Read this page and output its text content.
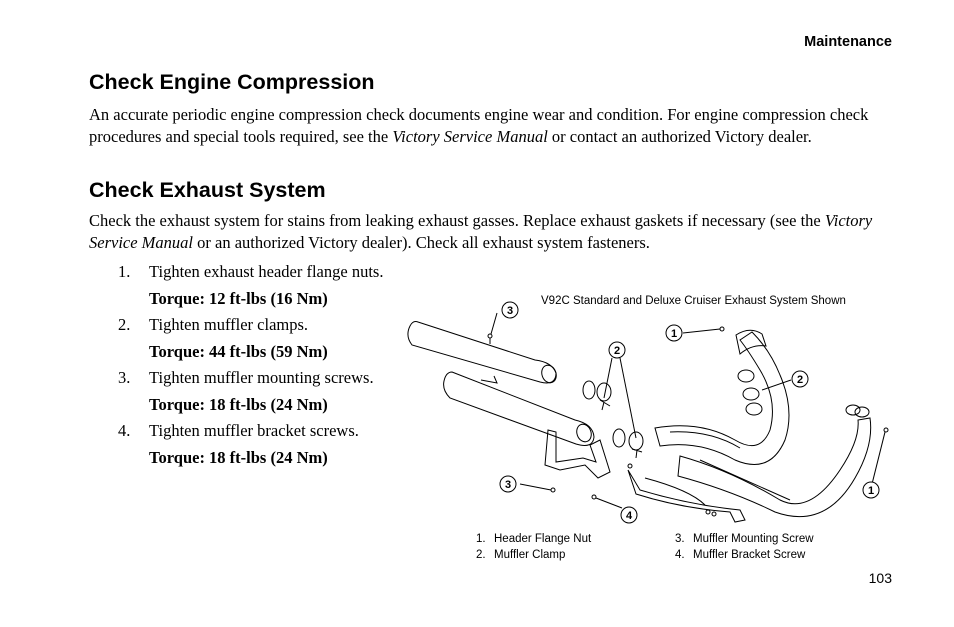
Maintenance
Check Engine Compression

An accurate periodic engine compression check documents engine wear and condition. For engine compression check procedures and special tools required, see the Victory Service Manual or contact an authorized Victory dealer.

Check Exhaust System

Check the exhaust system for stains from leaking exhaust gasses. Replace exhaust gaskets if necessary (see the Victory Service Manual or an authorized Victory dealer). Check all exhaust system fasteners.

1.	Tighten exhaust header flange nuts.
Torque: 12 ft-lbs (16 Nm)
2.	Tighten muffler clamps.
Torque: 44 ft-lbs (59 Nm)
3.	Tighten muffler mounting screws.
Torque: 18 ft-lbs (24 Nm)
4.	Tighten muffler bracket screws.
Torque: 18 ft-lbs (24 Nm)
V92C Standard and Deluxe Cruiser Exhaust System Shown
3
2
1
2
3
4
1
1. Header Flange Nut
2. Muffler Clamp
3. Muffler Mounting Screw
4. Muffler Bracket Screw
103
